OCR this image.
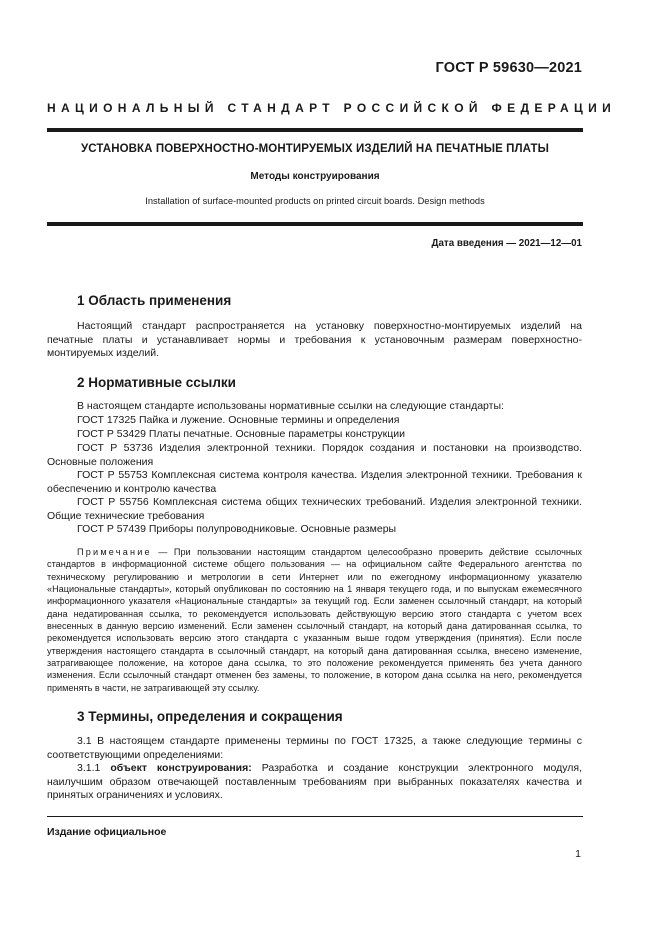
ГОСТ Р 59630—2021
НАЦИОНАЛЬНЫЙ СТАНДАРТ РОССИЙСКОЙ ФЕДЕРАЦИИ
УСТАНОВКА ПОВЕРХНОСТНО-МОНТИРУЕМЫХ ИЗДЕЛИЙ НА ПЕЧАТНЫЕ ПЛАТЫ
Методы конструирования
Installation of surface-mounted products on printed circuit boards. Design methods
Дата введения — 2021—12—01
1 Область применения

Настоящий стандарт распространяется на установку поверхностно-монтируемых изделий на печатные платы и устанавливает нормы и требования к установочным размерам поверхностно-монтируемых изделий.

2 Нормативные ссылки

В настоящем стандарте использованы нормативные ссылки на следующие стандарты:

ГОСТ 17325 Пайка и лужение. Основные термины и определения

ГОСТ Р 53429 Платы печатные. Основные параметры конструкции

ГОСТ Р 53736 Изделия электронной техники. Порядок создания и постановки на производство. Основные положения

ГОСТ Р 55753 Комплексная система контроля качества. Изделия электронной техники. Требования к обеспечению и контролю качества

ГОСТ Р 55756 Комплексная система общих технических требований. Изделия электронной техники. Общие технические требования

ГОСТ Р 57439 Приборы полупроводниковые. Основные размеры

Примечание — При пользовании настоящим стандартом целесообразно проверить действие ссылочных стандартов в информационной системе общего пользования — на официальном сайте Федерального агентства по техническому регулированию и метрологии в сети Интернет или по ежегодному информационному указателю «Национальные стандарты», который опубликован по состоянию на 1 января текущего года, и по выпускам ежемесячного информационного указателя «Национальные стандарты» за текущий год. Если заменен ссылочный стандарт, на который дана недатированная ссылка, то рекомендуется использовать действующую версию этого стандарта с учетом всех внесенных в данную версию изменений. Если заменен ссылочный стандарт, на который дана датированная ссылка, то рекомендуется использовать версию этого стандарта с указанным выше годом утверждения (принятия). Если после утверждения настоящего стандарта в ссылочный стандарт, на который дана датированная ссылка, внесено изменение, затрагивающее положение, на которое дана ссылка, то это положение рекомендуется применять без учета данного изменения. Если ссылочный стандарт отменен без замены, то положение, в котором дана ссылка на него, рекомендуется применять в части, не затрагивающей эту ссылку.

3 Термины, определения и сокращения

3.1 В настоящем стандарте применены термины по ГОСТ 17325, а также следующие термины с соответствующими определениями:

3.1.1 объект конструирования: Разработка и создание конструкции электронного модуля, наилучшим образом отвечающей поставленным требованиям при выбранных показателях качества и принятых ограничениях и условиях.

Издание официальное
1
